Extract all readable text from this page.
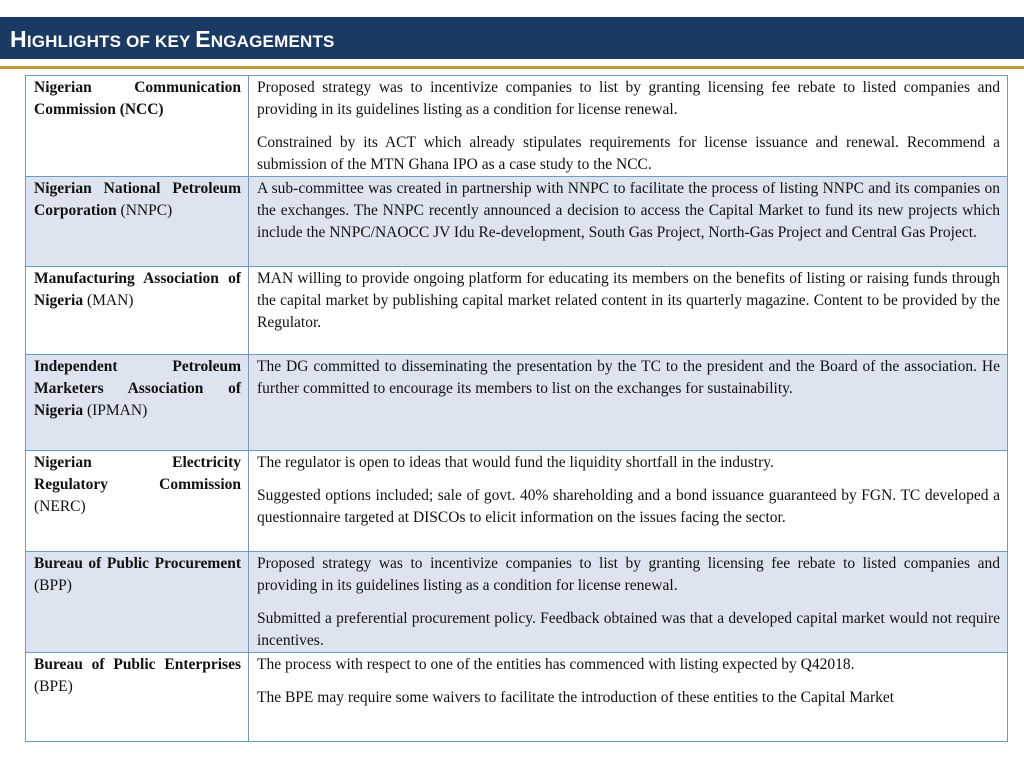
HIGHLIGHTS OF KEY ENGAGEMENTS
Nigerian Communication Commission (NCC)	Proposed strategy was to incentivize companies to list by granting licensing fee rebate to listed companies and providing in its guidelines listing as a condition for license renewal.

Constrained by its ACT which already stipulates requirements for license issuance and renewal. Recommend a submission of the MTN Ghana IPO as a case study to the NCC.

Nigerian National Petroleum Corporation (NNPC)	A sub-committee was created in partnership with NNPC to facilitate the process of listing NNPC and its companies on the exchanges. The NNPC recently announced a decision to access the Capital Market to fund its new projects which include the NNPC/NAOCC JV Idu Re-development, South Gas Project, North-Gas Project and Central Gas Project.

Manufacturing Association of Nigeria (MAN)	MAN willing to provide ongoing platform for educating its members on the benefits of listing or raising funds through the capital market by publishing capital market related content in its quarterly magazine. Content to be provided by the Regulator.

Independent Petroleum Marketers Association of Nigeria (IPMAN)	The DG committed to disseminating the presentation by the TC to the president and the Board of the association. He further committed to encourage its members to list on the exchanges for sustainability.

Nigerian Electricity Regulatory Commission (NERC)	The regulator is open to ideas that would fund the liquidity shortfall in the industry.

Suggested options included; sale of govt. 40% shareholding and a bond issuance guaranteed by FGN. TC developed a questionnaire targeted at DISCOs to elicit information on the issues facing the sector.

Bureau of Public Procurement (BPP)	Proposed strategy was to incentivize companies to list by granting licensing fee rebate to listed companies and providing in its guidelines listing as a condition for license renewal.

Submitted a preferential procurement policy. Feedback obtained was that a developed capital market would not require incentives.

Bureau of Public Enterprises (BPE)	The process with respect to one of the entities has commenced with listing expected by Q42018.

The BPE may require some waivers to facilitate the introduction of these entities to the Capital Market
